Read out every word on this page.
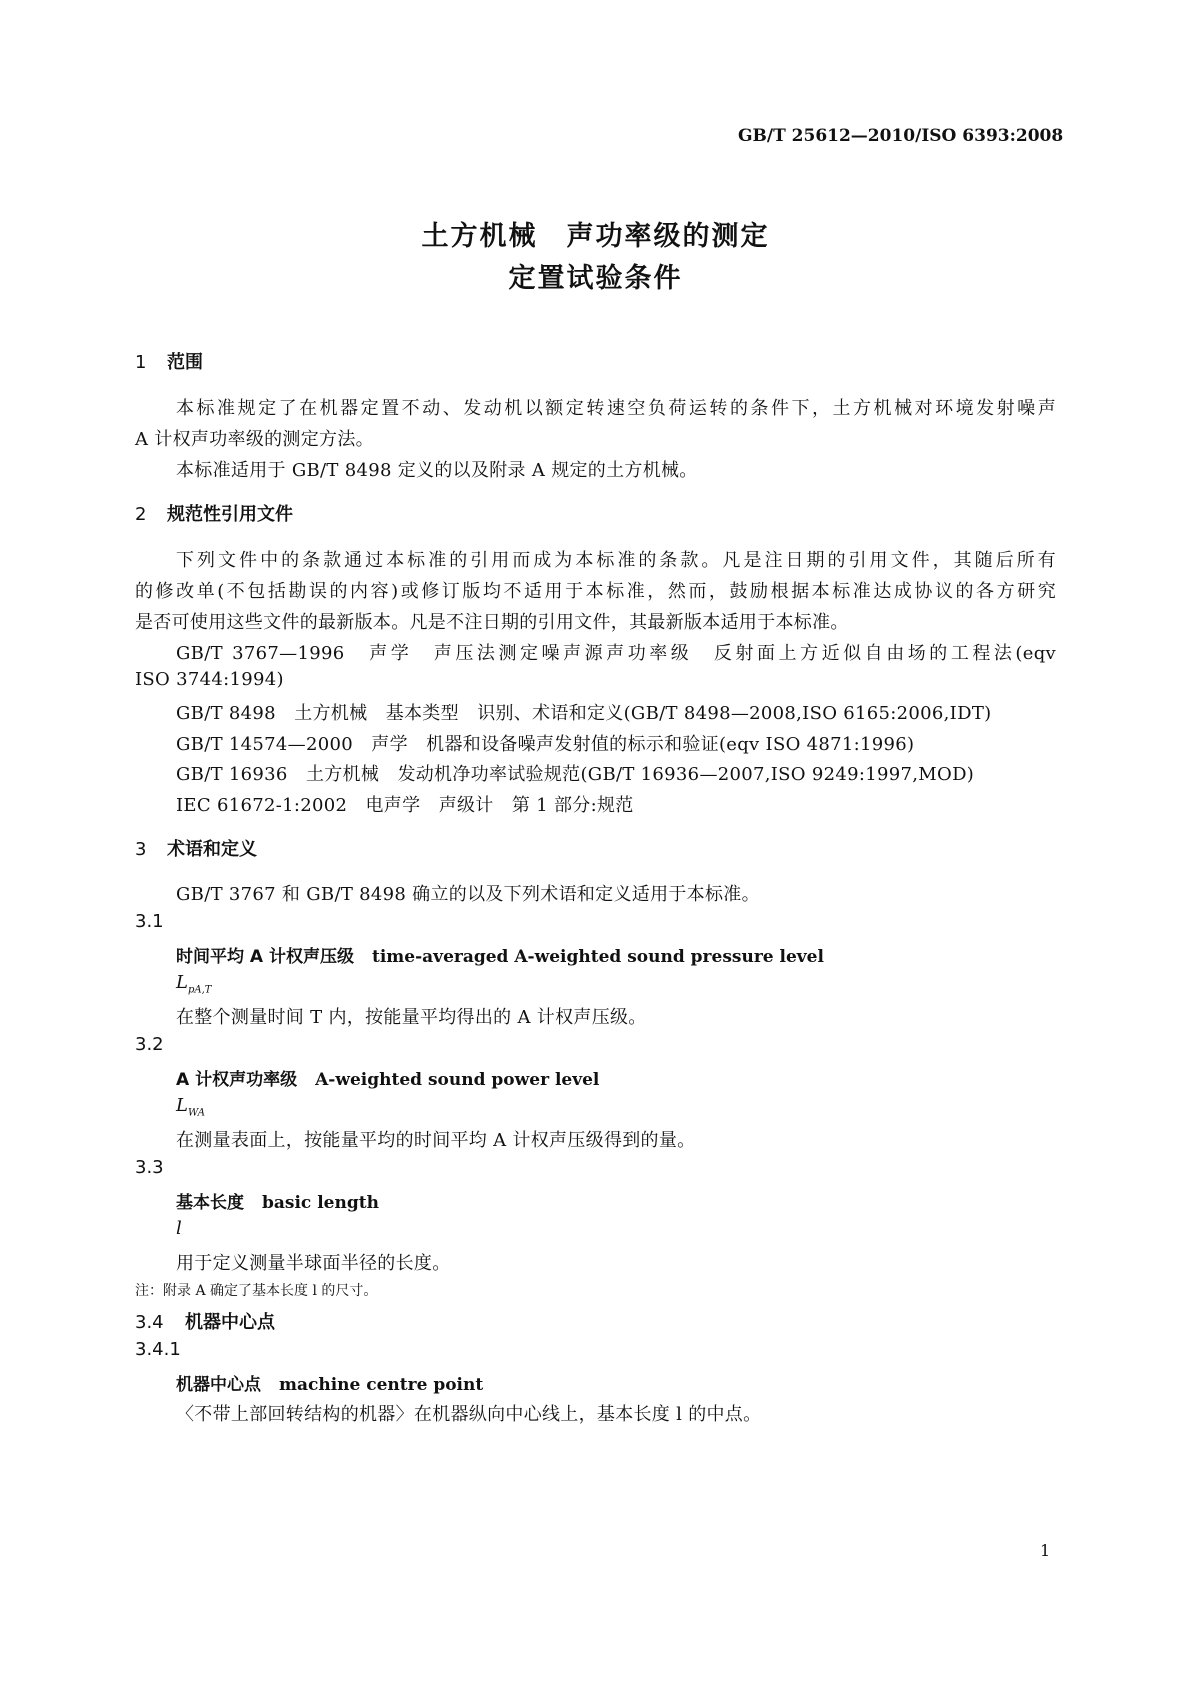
GB/T 25612—2010/ISO 6393:2008
土方机械　声功率级的测定
定置试验条件
1 范围
本标准规定了在机器定置不动、发动机以额定转速空负荷运转的条件下，土方机械对环境发射噪声
A 计权声功率级的测定方法。
本标准适用于 GB/T 8498 定义的以及附录 A 规定的土方机械。
2 规范性引用文件
下列文件中的条款通过本标准的引用而成为本标准的条款。凡是注日期的引用文件，其随后所有
的修改单(不包括勘误的内容)或修订版均不适用于本标准，然而，鼓励根据本标准达成协议的各方研究
是否可使用这些文件的最新版本。凡是不注日期的引用文件，其最新版本适用于本标准。
GB/T 3767—1996　声学　声压法测定噪声源声功率级　反射面上方近似自由场的工程法(eqv
ISO 3744:1994)
GB/T 8498　土方机械　基本类型　识别、术语和定义(GB/T 8498—2008,ISO 6165:2006,IDT)
GB/T 14574—2000　声学　机器和设备噪声发射值的标示和验证(eqv ISO 4871:1996)
GB/T 16936　土方机械　发动机净功率试验规范(GB/T 16936—2007,ISO 9249:1997,MOD)
IEC 61672-1:2002　电声学　声级计　第 1 部分:规范
3 术语和定义
GB/T 3767 和 GB/T 8498 确立的以及下列术语和定义适用于本标准。
3.1
时间平均 A 计权声压级 time-averaged A-weighted sound pressure level
$L_{pA,T}$
在整个测量时间 T 内，按能量平均得出的 A 计权声压级。
3.2
A 计权声功率级 A-weighted sound power level
$L_{WA}$
在测量表面上，按能量平均的时间平均 A 计权声压级得到的量。
3.3
基本长度 basic length
l
用于定义测量半球面半径的长度。
注：附录 A 确定了基本长度 l 的尺寸。
3.4 机器中心点
3.4.1
机器中心点 machine centre point
〈不带上部回转结构的机器〉在机器纵向中心线上，基本长度 l 的中点。
1
